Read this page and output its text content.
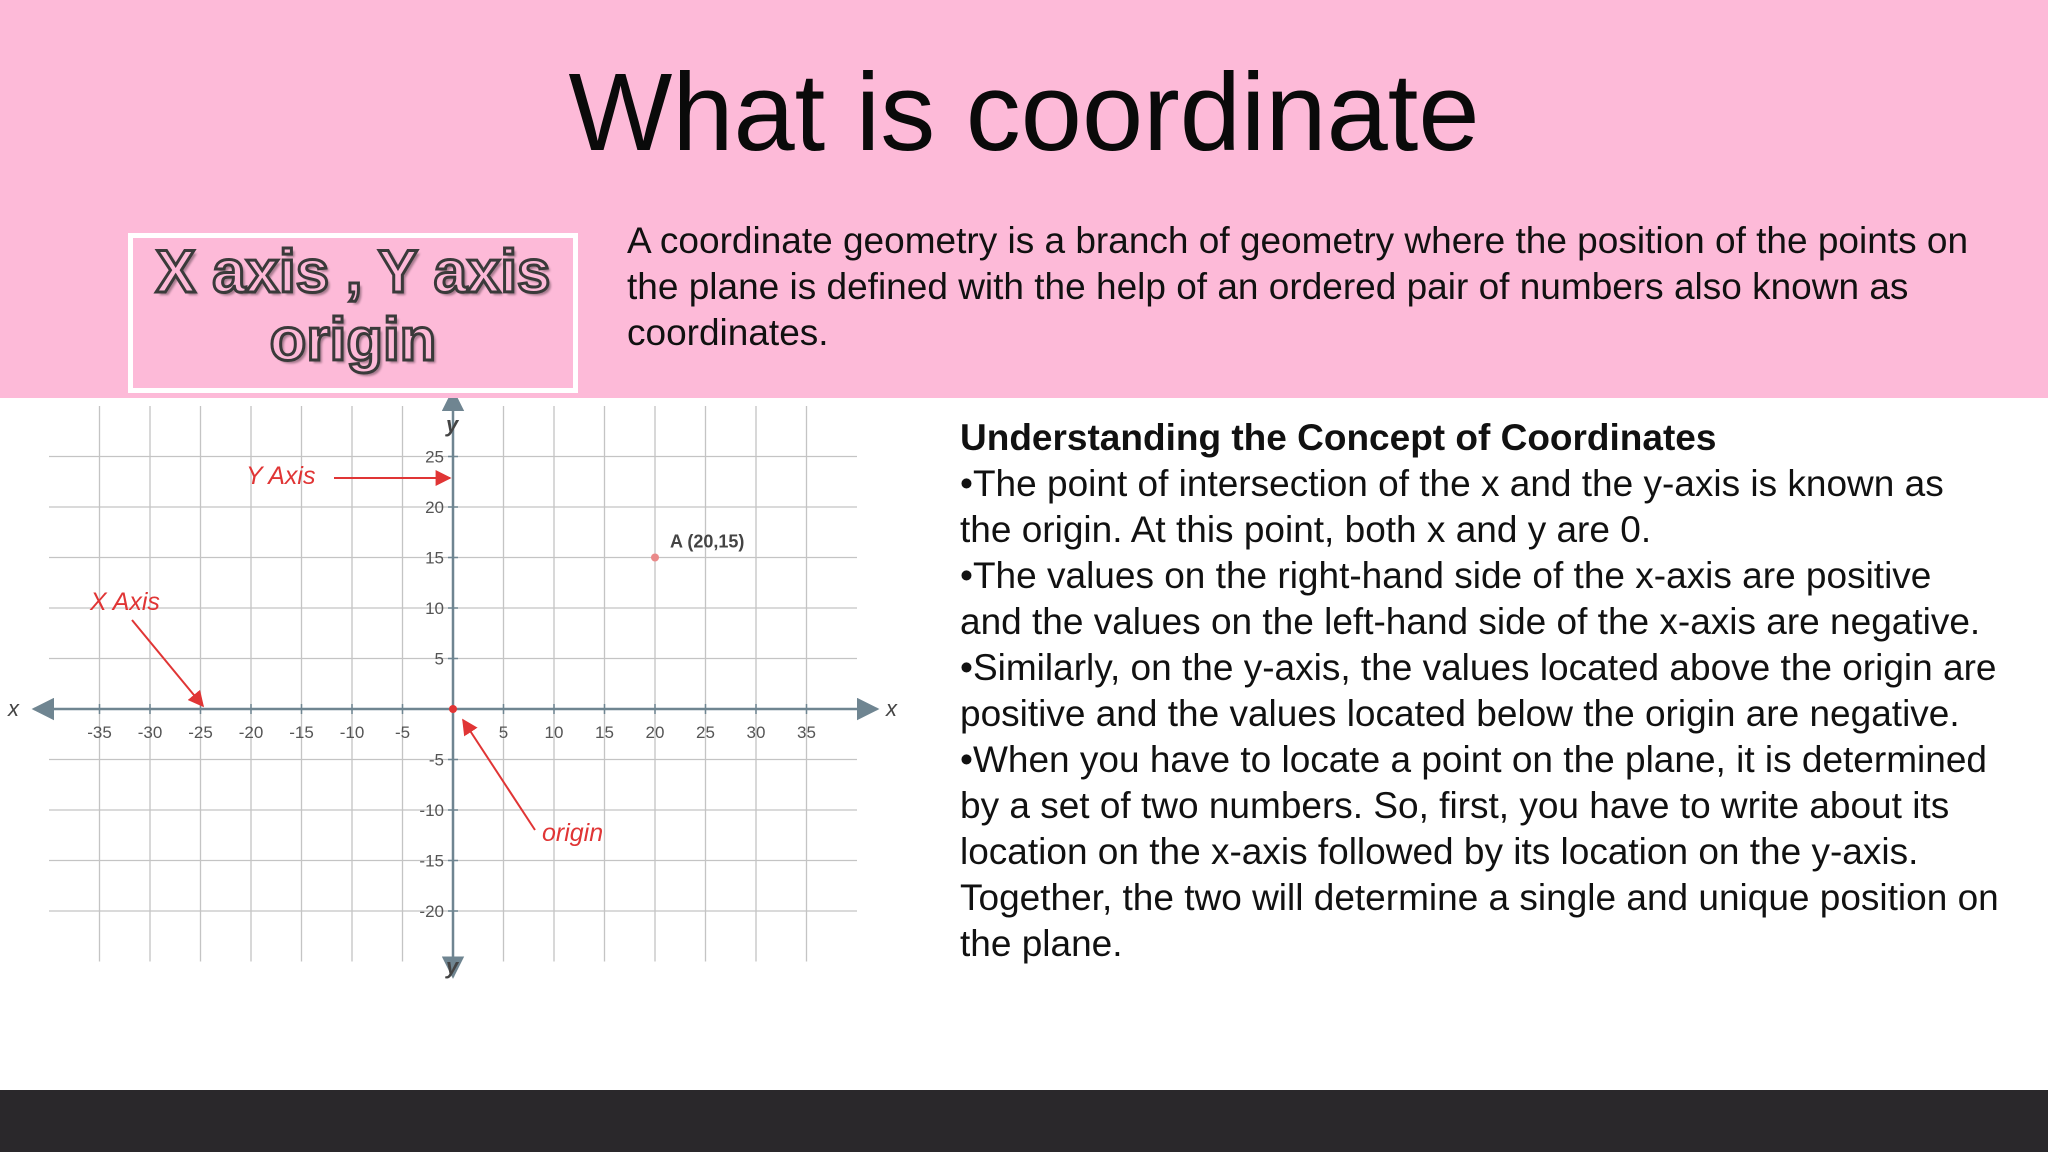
What is coordinate
X axis , Y axis
origin
A coordinate geometry is a branch of geometry where the position of the points on the plane is defined with the help of an ordered pair of numbers also known as coordinates.
-35 -30 -25 -20 -15 -10 -5	5 10 15 20 25 30 35
25
20
15
10
5
-5
-10
-15
-20
x	x
y
y
A (20,15)
Y Axis
X Axis
origin
Understanding the Concept of Coordinates
•The point of intersection of the x and the y-axis is known as the origin. At this point, both x and y are 0.
•The values on the right-hand side of the x-axis are positive and the values on the left-hand side of the x-axis are negative.
•Similarly, on the y-axis, the values located above the origin are positive and the values located below the origin are negative.
•When you have to locate a point on the plane, it is determined by a set of two numbers. So, first, you have to write about its location on the x-axis followed by its location on the y-axis. Together, the two will determine a single and unique position on the plane.
